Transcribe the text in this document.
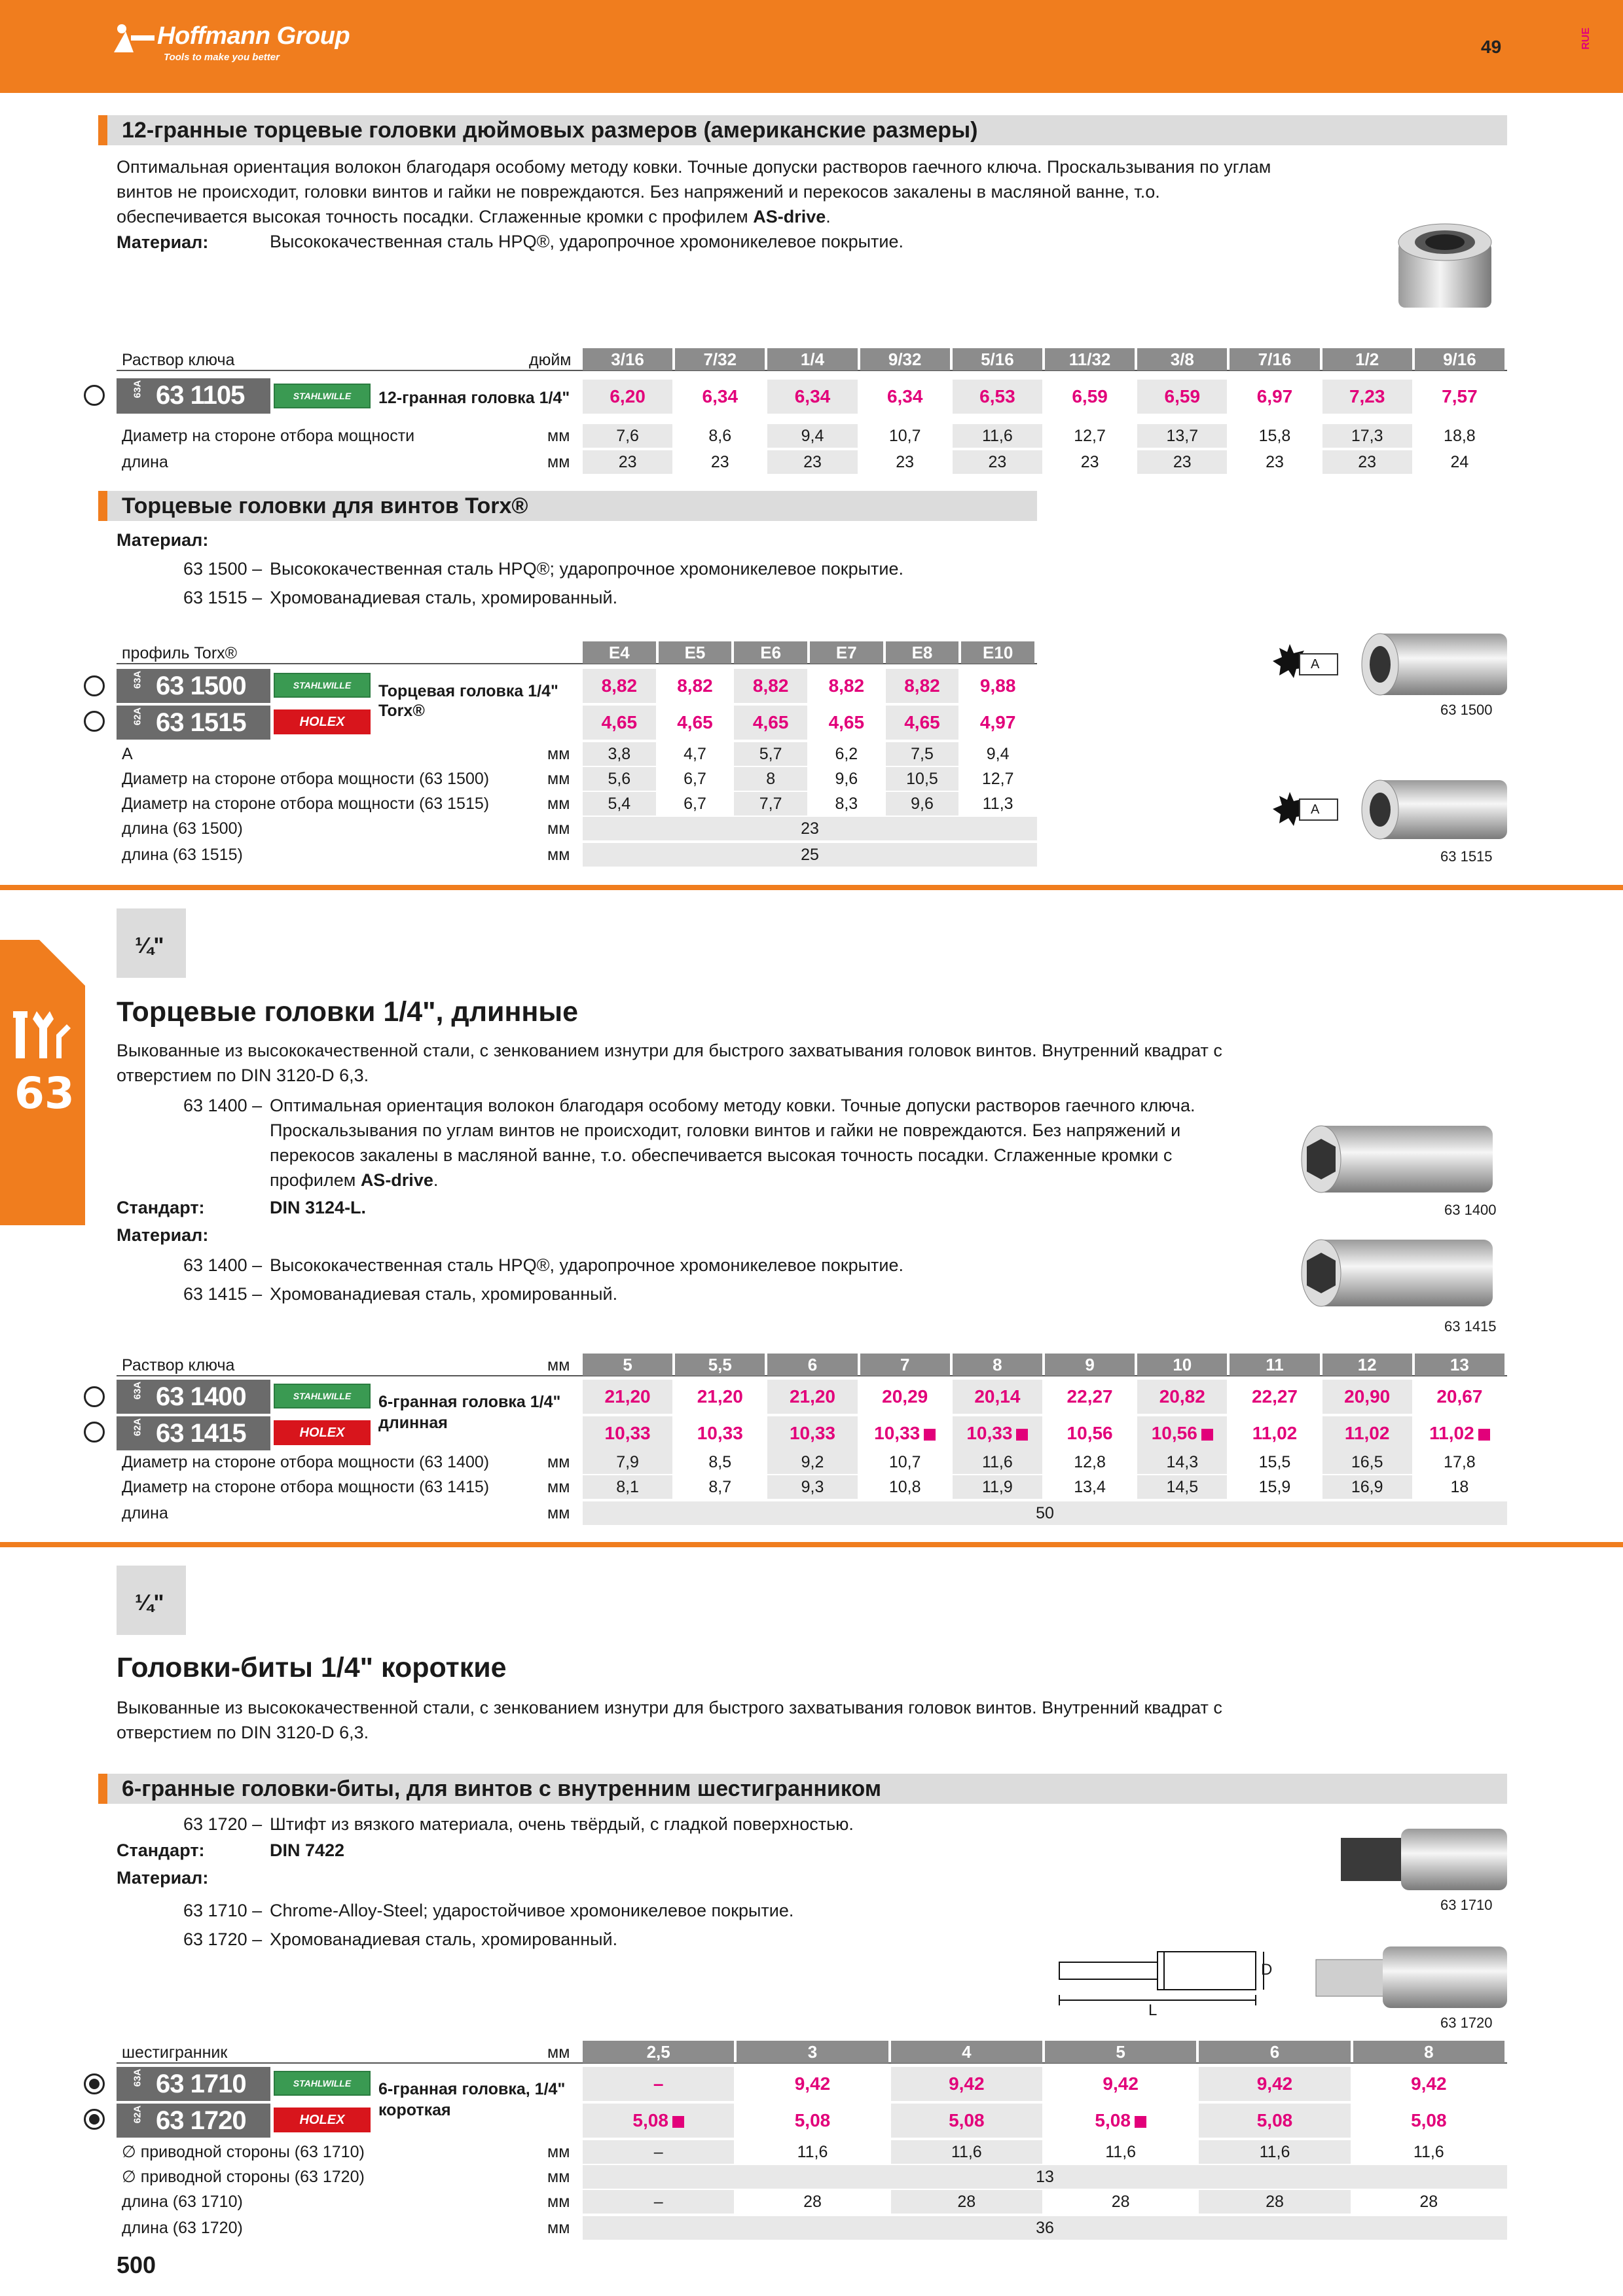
Hoffmann Group
Tools to make you better
49	RUE
63
12-гранные торцевые головки дюймовых размеров (американские размеры)
Оптимальная ориентация волокон благодаря особому методу ковки. Точные допуски растворов гаечного ключа. Проскальзывания по углам винтов не происходит, головки винтов и гайки не повреждаются. Без напряжений и перекосов закалены в масляной ванне, т.о. обеспечивается высокая точность посадки. Сглаженные кромки с профилем AS-drive.
Материал:	Высококачественная сталь HPQ®, ударопрочное хромоникелевое покрытие.
Раствор ключа	дюйм	3/16	7/32	1/4	9/32	5/16	11/32	3/8	7/16	1/2	9/16
63A 63 1105	STAHLWILLE	12-гранная головка 1/4"	6,20	6,34	6,34	6,34	6,53	6,59	6,59	6,97	7,23	7,57
Диаметр на стороне отбора мощности	мм	7,6	8,6	9,4	10,7	11,6	12,7	13,7	15,8	17,3	18,8
длина	мм	23	23	23	23	23	23	23	23	23	24
Торцевые головки для винтов Torx®
Материал:
63 1500 – Высококачественная сталь HPQ®; ударопрочное хромоникелевое покрытие.
63 1515 – Хромованадиевая сталь, хромированный.
A
63 1500
A
63 1515
профиль Torx®	E4	E5	E6	E7	E8	E10
63A 63 1500	STAHLWILLE
62A 63 1515	HOLEX
Торцевая головка 1/4"
Torx®
8,82	8,82	8,82	8,82	8,82	9,88
4,65	4,65	4,65	4,65	4,65	4,97
A	мм	3,8	4,7	5,7	6,2	7,5	9,4
Диаметр на стороне отбора мощности (63 1500)	мм	5,6	6,7	8	9,6	10,5	12,7
Диаметр на стороне отбора мощности (63 1515)	мм	5,4	6,7	7,7	8,3	9,6	11,3
длина (63 1500)	мм	23
длина (63 1515)	мм	25
¼"
Торцевые головки 1/4", длинные
Выкованные из высококачественной стали, с зенкованием изнутри для быстрого захватывания головок винтов. Внутренний квадрат с отверстием по DIN 3120-D 6,3.
63 1400 – Оптимальная ориентация волокон благодаря особому методу ковки. Точные допуски растворов гаечного ключа. Проскальзывания по углам винтов не происходит, головки винтов и гайки не повреждаются. Без напряжений и перекосов закалены в масляной ванне, т.о. обеспечивается высокая точность посадки. Сглаженные кромки с профилем AS-drive.
Стандарт:	DIN 3124-L.
Материал:
63 1400 – Высококачественная сталь HPQ®, ударопрочное хромоникелевое покрытие.
63 1415 – Хромованадиевая сталь, хромированный.
63 1400
63 1415
Раствор ключа	мм	5	5,5	6	7	8	9	10	11	12	13
63A 63 1400	STAHLWILLE
62A 63 1415	HOLEX
6-гранная головка 1/4"
длинная
21,20	21,20	21,20	20,29	20,14	22,27	20,82	22,27	20,90	20,67
10,33	10,33	10,33	10,33	10,33	10,56	10,56	11,02	11,02	11,02
Диаметр на стороне отбора мощности (63 1400)	мм	7,9	8,5	9,2	10,7	11,6	12,8	14,3	15,5	16,5	17,8
Диаметр на стороне отбора мощности (63 1415)	мм	8,1	8,7	9,3	10,8	11,9	13,4	14,5	15,9	16,9	18
длина	мм	50
¼"
Головки-биты 1/4" короткие
Выкованные из высококачественной стали, с зенкованием изнутри для быстрого захватывания головок винтов. Внутренний квадрат с отверстием по DIN 3120-D 6,3.
6-гранные головки-биты, для винтов с внутренним шестигранником
63 1720 – Штифт из вязкого материала, очень твёрдый, с гладкой поверхностью.
Стандарт:	DIN 7422
Материал:
63 1710 – Chrome-Alloy-Steel; ударостойчивое хромоникелевое покрытие.
63 1720 – Хромованадиевая сталь, хромированный.
63 1710
D
L
63 1720
шестигранник	мм	2,5	3	4	5	6	8
63A 63 1710	STAHLWILLE
62A 63 1720	HOLEX
6-гранная головка, 1/4"
короткая
–	9,42	9,42	9,42	9,42	9,42
5,08	5,08	5,08	5,08	5,08	5,08
∅ приводной стороны (63 1710)	мм	–	11,6	11,6	11,6	11,6	11,6
∅ приводной стороны (63 1720)	мм	13
длина (63 1710)	мм	–	28	28	28	28	28
длина (63 1720)	мм	36
500
